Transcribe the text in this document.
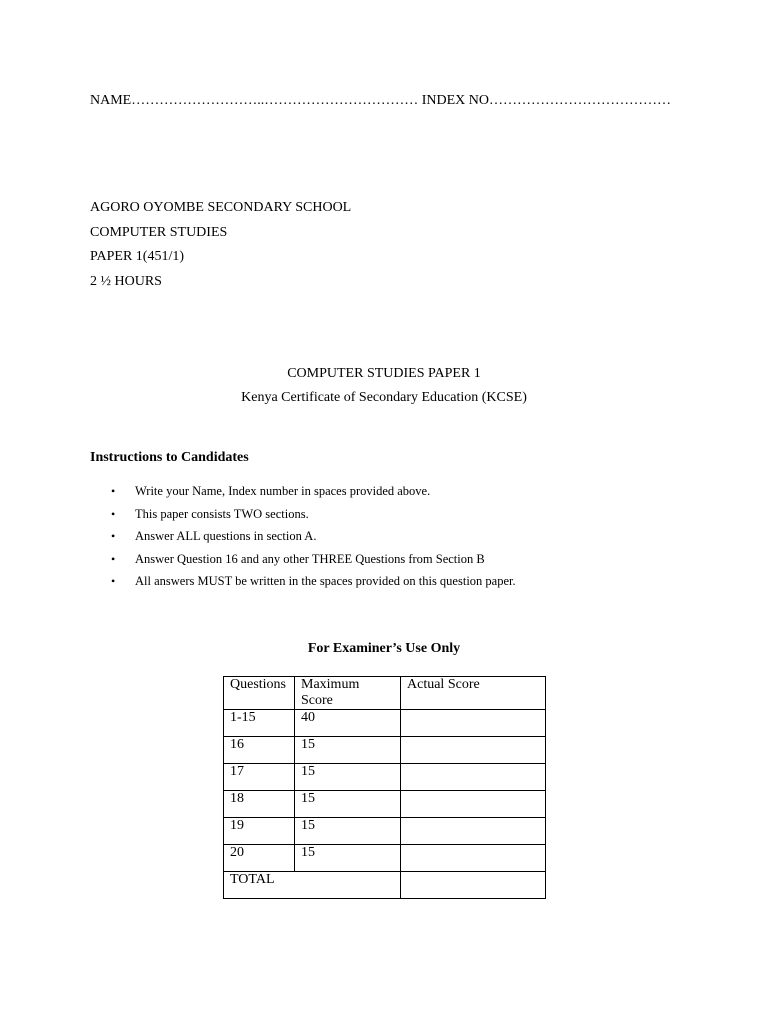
NAME………………………..…………………………… INDEX NO…………………………………
AGORO OYOMBE SECONDARY SCHOOL
COMPUTER STUDIES
PAPER 1(451/1)
2 ½ HOURS
COMPUTER STUDIES PAPER 1
Kenya Certificate of Secondary Education (KCSE)
Instructions to Candidates
• Write your Name, Index number in spaces provided above.
• This paper consists TWO sections.
• Answer ALL questions in section A.
• Answer Question 16 and any other THREE Questions from Section B
• All answers MUST be written in the spaces provided on this question paper.
For Examiner’s Use Only
Questions	Maximum Score	Actual Score
1-15	40	
16	15	
17	15	
18	15	
19	15	
20	15	
TOTAL		
